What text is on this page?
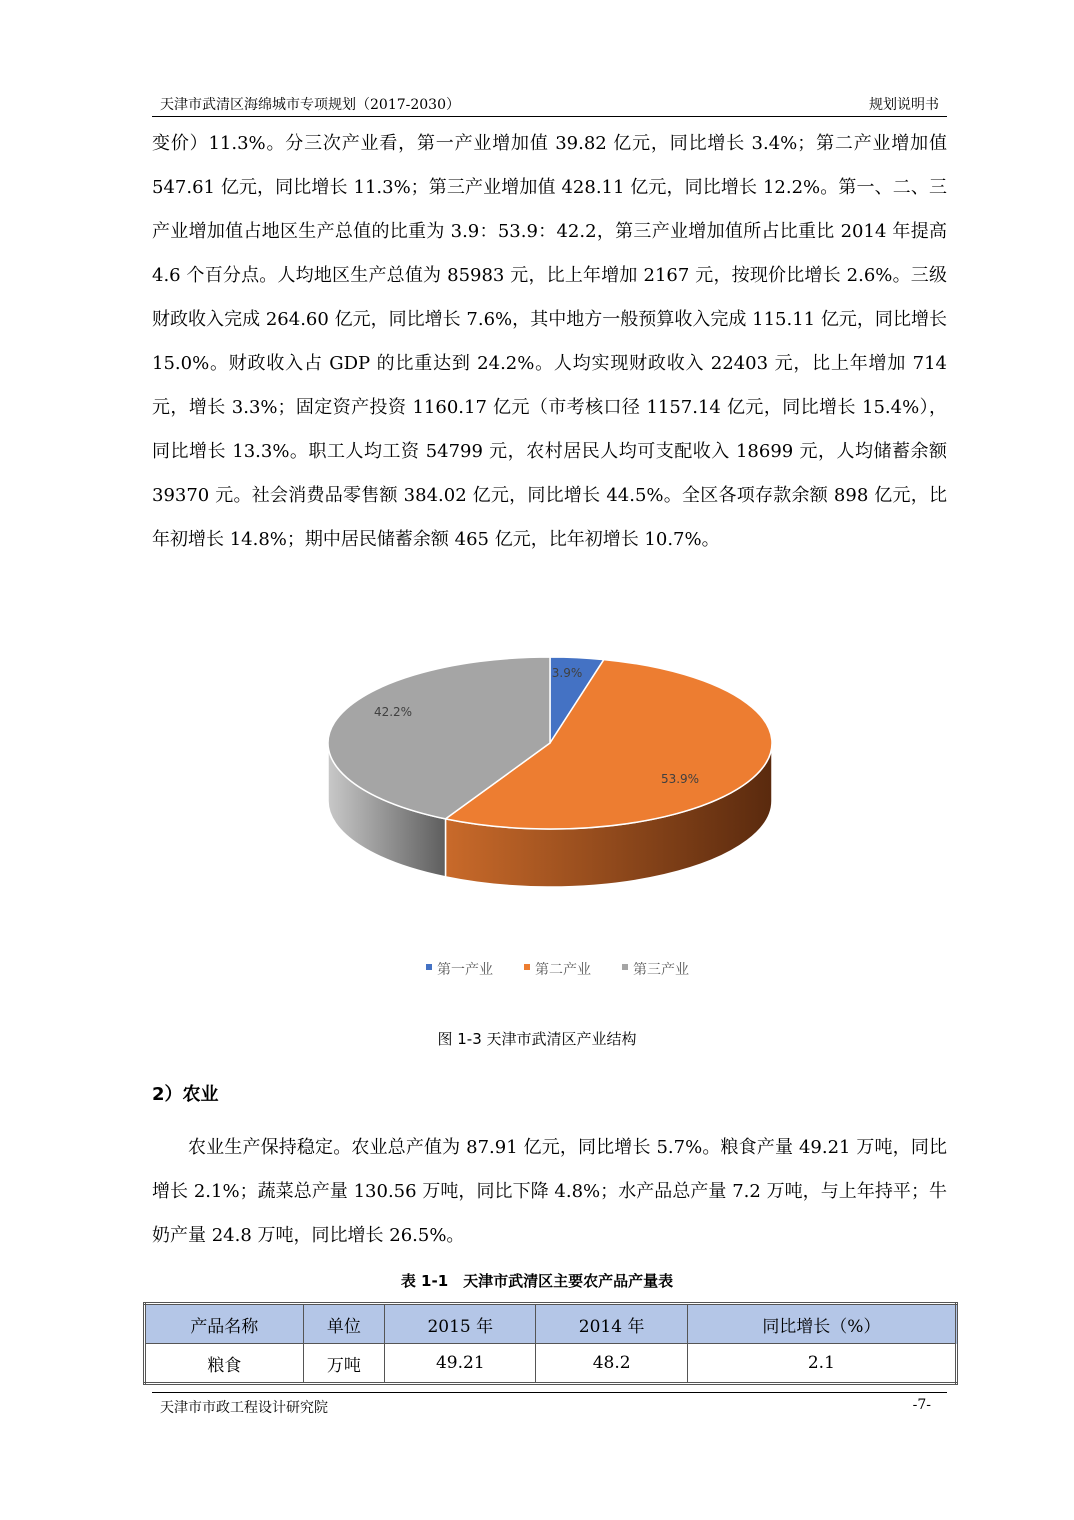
天津市武清区海绵城市专项规划（2017-2030）	规划说明书

变价）11.3%。分三次产业看，第一产业增加值 39.82 亿元，同比增长 3.4%；第二产业增加值 547.61 亿元，同比增长 11.3%；第三产业增加值 428.11 亿元，同比增长 12.2%。第一、二、三产业增加值占地区生产总值的比重为 3.9：53.9：42.2，第三产业增加值所占比重比 2014 年提高 4.6 个百分点。人均地区生产总值为 85983 元，比上年增加 2167 元，按现价比增长 2.6%。三级财政收入完成 264.60 亿元，同比增长 7.6%，其中地方一般预算收入完成 115.11 亿元，同比增长 15.0%。财政收入占 GDP 的比重达到 24.2%。人均实现财政收入 22403 元，比上年增加 714 元，增长 3.3%；固定资产投资 1160.17 亿元（市考核口径 1157.14 亿元，同比增长 15.4%），同比增长 13.3%。职工人均工资 54799 元，农村居民人均可支配收入 18699 元，人均储蓄余额 39370 元。社会消费品零售额 384.02 亿元，同比增长 44.5%。全区各项存款余额 898 亿元，比年初增长 14.8%；期中居民储蓄余额 465 亿元，比年初增长 10.7%。

3.9%
53.9%
42.2%
第一产业	第二产业	第三产业
图 1-3 天津市武清区产业结构
2）农业

农业生产保持稳定。农业总产值为 87.91 亿元，同比增长 5.7%。粮食产量 49.21 万吨，同比增长 2.1%；蔬菜总产量 130.56 万吨，同比下降 4.8%；水产品总产量 7.2 万吨，与上年持平；牛奶产量 24.8 万吨，同比增长 26.5%。

表 1-1　天津市武清区主要农产品产量表
产品名称	单位	2015 年	2014 年	同比增长（%）
粮食	万吨	49.21	48.2	2.1
天津市市政工程设计研究院	-7-
